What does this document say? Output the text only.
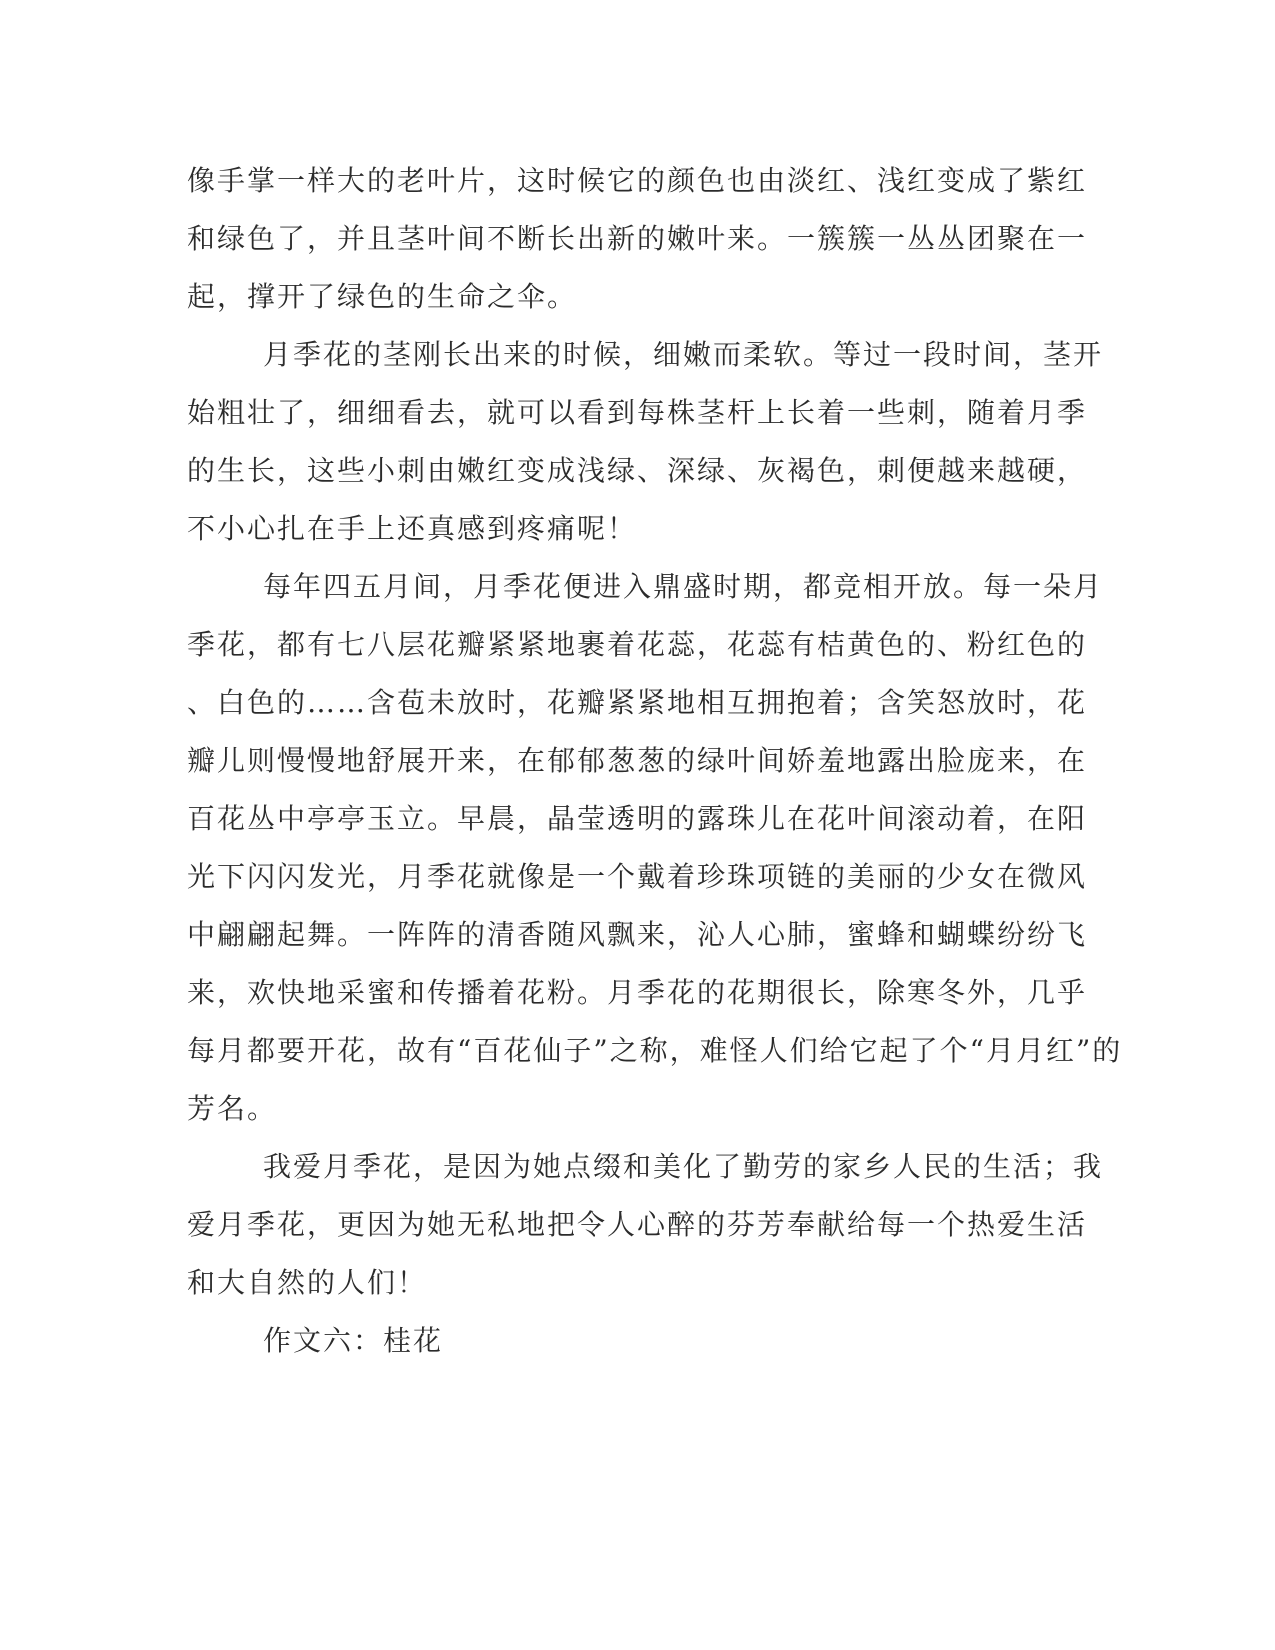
像手掌一样大的老叶片，这时候它的颜色也由淡红、浅红变成了紫红
和绿色了，并且茎叶间不断长出新的嫩叶来。一簇簇一丛丛团聚在一
起，撑开了绿色的生命之伞。
月季花的茎刚长出来的时候，细嫩而柔软。等过一段时间，茎开
始粗壮了，细细看去，就可以看到每株茎杆上长着一些刺，随着月季
的生长，这些小刺由嫩红变成浅绿、深绿、灰褐色，刺便越来越硬，
不小心扎在手上还真感到疼痛呢！
每年四五月间，月季花便进入鼎盛时期，都竞相开放。每一朵月
季花，都有七八层花瓣紧紧地裹着花蕊，花蕊有桔黄色的、粉红色的
、白色的……含苞未放时，花瓣紧紧地相互拥抱着；含笑怒放时，花
瓣儿则慢慢地舒展开来，在郁郁葱葱的绿叶间娇羞地露出脸庞来，在
百花丛中亭亭玉立。早晨，晶莹透明的露珠儿在花叶间滚动着，在阳
光下闪闪发光，月季花就像是一个戴着珍珠项链的美丽的少女在微风
中翩翩起舞。一阵阵的清香随风飘来，沁人心肺，蜜蜂和蝴蝶纷纷飞
来，欢快地采蜜和传播着花粉。月季花的花期很长，除寒冬外，几乎
每月都要开花，故有“百花仙子”之称，难怪人们给它起了个“月月红”的
芳名。
我爱月季花，是因为她点缀和美化了勤劳的家乡人民的生活；我
爱月季花，更因为她无私地把令人心醉的芬芳奉献给每一个热爱生活
和大自然的人们！
作文六：桂花
